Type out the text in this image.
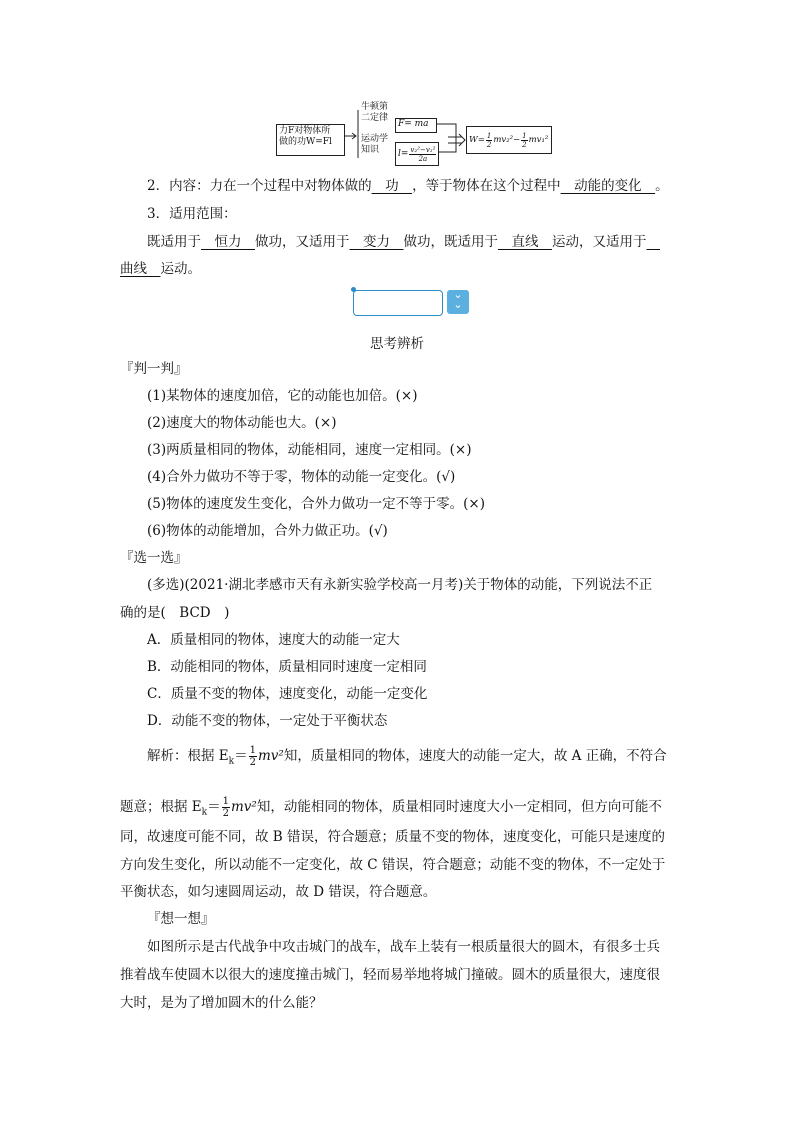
力F对物体所
做的功W=Fl
牛顿第
二定律
F= ma
运动学
知识	$l= \frac{\text{v₂²−v₁²}}{2a}$
$W= \frac{1}{2} mv_2^2- \frac{1}{2} mv_1^2$
2．内容：力在一个过程中对物体做的　功　，等于物体在这个过程中　动能的变化　。
3．适用范围：
既适用于　恒力　做功，又适用于　变力　做功，既适用于　直线　运动，又适用于　
曲线　运动。
⌄
⌄
⌄
思考辨析
『判一判』
(1)某物体的速度加倍，它的动能也加倍。(×)
(2)速度大的物体动能也大。(×)
(3)两质量相同的物体，动能相同，速度一定相同。(×)
(4)合外力做功不等于零，物体的动能一定变化。(√)
(5)物体的速度发生变化，合外力做功一定不等于零。(×)
(6)物体的动能增加，合外力做正功。(√)
『选一选』
(多选)(2021·湖北孝感市天有永新实验学校高一月考)关于物体的动能，下列说法不正
确的是(　BCD　)
A．质量相同的物体，速度大的动能一定大
B．动能相同的物体，质量相同时速度一定相同
C．质量不变的物体，速度变化，动能一定变化
D．动能不变的物体，一定处于平衡状态
解析：根据 $E_k= \frac{1}{2} mv^2$知，质量相同的物体，速度大的动能一定大，故 A 正确，不符合
题意；根据 $E_k= \frac{1}{2} mv^2$知，动能相同的物体，质量相同时速度大小一定相同，但方向可能不
同，故速度可能不同，故 B 错误，符合题意；质量不变的物体，速度变化，可能只是速度的
方向发生变化，所以动能不一定变化，故 C 错误，符合题意；动能不变的物体，不一定处于
平衡状态，如匀速圆周运动，故 D 错误，符合题意。
『想一想』
如图所示是古代战争中攻击城门的战车，战车上装有一根质量很大的圆木，有很多士兵
推着战车使圆木以很大的速度撞击城门，轻而易举地将城门撞破。圆木的质量很大，速度很
大时，是为了增加圆木的什么能？
